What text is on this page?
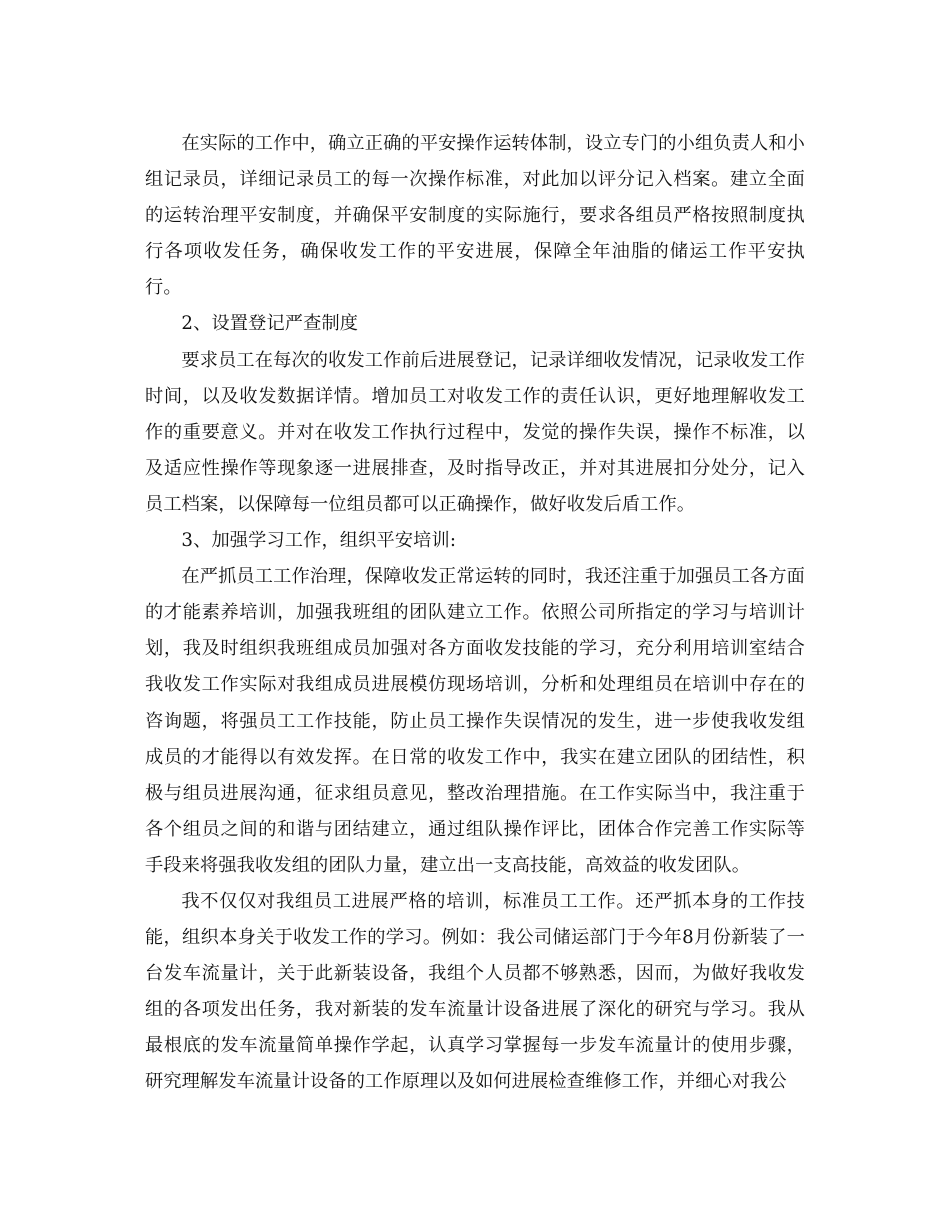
在实际的工作中，确立正确的平安操作运转体制，设立专门的小组负责人和小组记录员，详细记录员工的每一次操作标准，对此加以评分记入档案。建立全面的运转治理平安制度，并确保平安制度的实际施行，要求各组员严格按照制度执行各项收发任务，确保收发工作的平安进展，保障全年油脂的储运工作平安执行。

2、设置登记严查制度

要求员工在每次的收发工作前后进展登记，记录详细收发情况，记录收发工作时间，以及收发数据详情。增加员工对收发工作的责任认识，更好地理解收发工作的重要意义。并对在收发工作执行过程中，发觉的操作失误，操作不标准，以及适应性操作等现象逐一进展排查，及时指导改正，并对其进展扣分处分，记入员工档案，以保障每一位组员都可以正确操作，做好收发后盾工作。

3、加强学习工作，组织平安培训:

在严抓员工工作治理，保障收发正常运转的同时，我还注重于加强员工各方面的才能素养培训，加强我班组的团队建立工作。依照公司所指定的学习与培训计划，我及时组织我班组成员加强对各方面收发技能的学习，充分利用培训室结合我收发工作实际对我组成员进展模仿现场培训，分析和处理组员在培训中存在的咨询题，将强员工工作技能，防止员工操作失误情况的发生，进一步使我收发组成员的才能得以有效发挥。在日常的收发工作中，我实在建立团队的团结性，积极与组员进展沟通，征求组员意见，整改治理措施。在工作实际当中，我注重于各个组员之间的和谐与团结建立，通过组队操作评比，团体合作完善工作实际等手段来将强我收发组的团队力量，建立出一支高技能，高效益的收发团队。

我不仅仅对我组员工进展严格的培训，标准员工工作。还严抓本身的工作技能，组织本身关于收发工作的学习。例如：我公司储运部门于今年8月份新装了一台发车流量计，关于此新装设备，我组个人员都不够熟悉，因而，为做好我收发组的各项发出任务，我对新装的发车流量计设备进展了深化的研究与学习。我从最根底的发车流量简单操作学起，认真学习掌握每一步发车流量计的使用步骤，研究理解发车流量计设备的工作原理以及如何进展检查维修工作，并细心对我公
